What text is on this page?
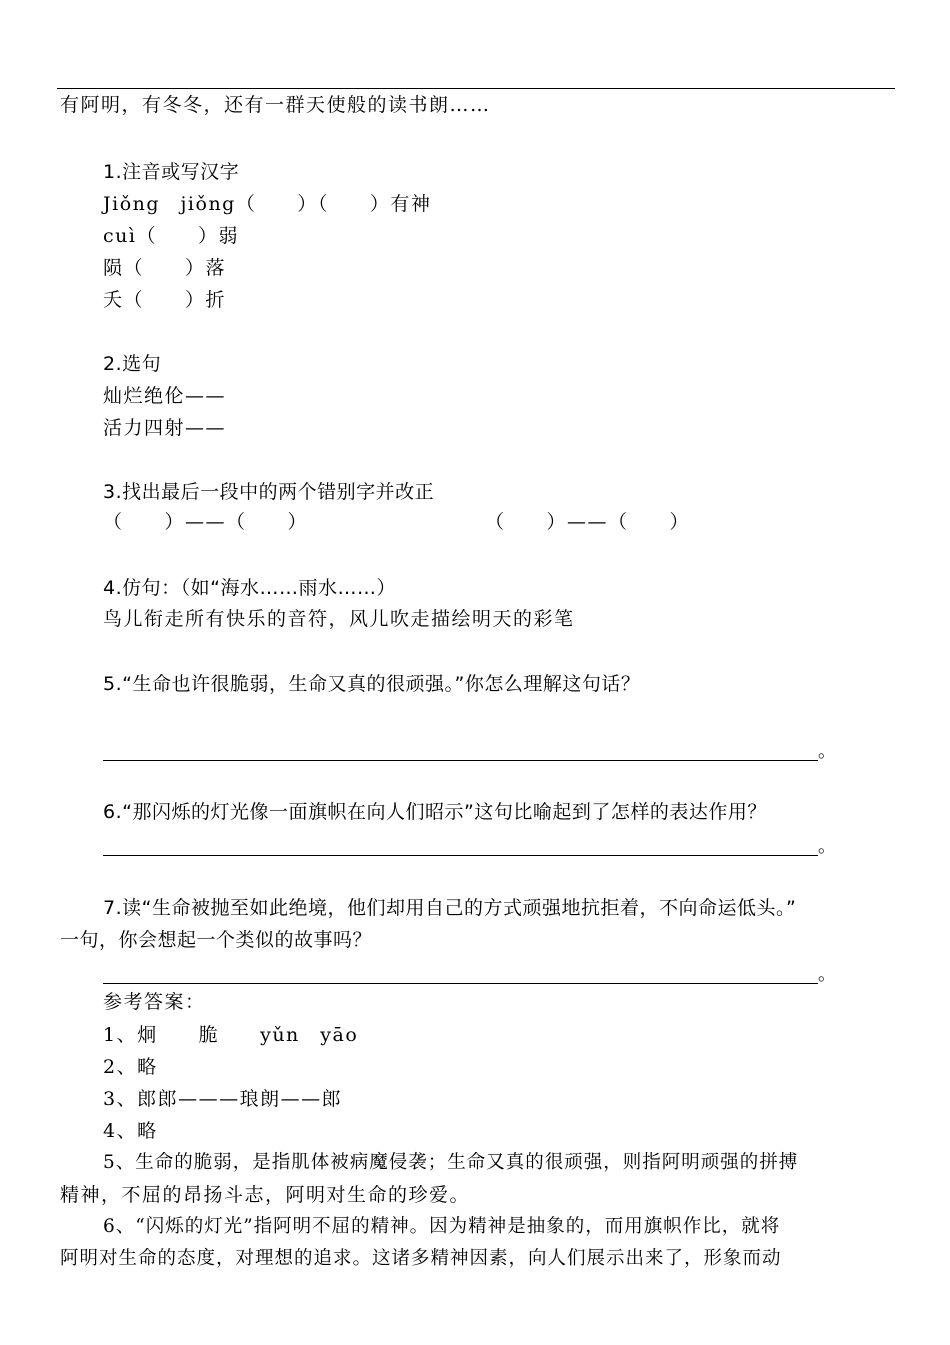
有阿明，有冬冬，还有一群天使般的读书朗……
1.注音或写汉字
Jiǒng　jiǒng（　　）（　　）有神
cuì（　　）弱
陨（　　）落
夭（　　）折
2.选句
灿烂绝伦——
活力四射——
3.找出最后一段中的两个错别字并改正
（　　）——（　　）	（　　）——（　　）
4.仿句：（如“海水……雨水……）
鸟儿衔走所有快乐的音符，风儿吹走描绘明天的彩笔
5.“生命也许很脆弱，生命又真的很顽强。”你怎么理解这句话？
。
6.“那闪烁的灯光像一面旗帜在向人们昭示”这句比喻起到了怎样的表达作用？
。
7.读“生命被抛至如此绝境，他们却用自己的方式顽强地抗拒着，不向命运低头。”
一句，你会想起一个类似的故事吗？
。
参考答案：
1、炯　　脆　　yǔn　yāo
2、略
3、郎郎———琅朗——郎
4、略
5、生命的脆弱，是指肌体被病魔侵袭；生命又真的很顽强，则指阿明顽强的拼搏
精神，不屈的昂扬斗志，阿明对生命的珍爱。
6、“闪烁的灯光”指阿明不屈的精神。因为精神是抽象的，而用旗帜作比，就将
阿明对生命的态度，对理想的追求。这诸多精神因素，向人们展示出来了，形象而动
